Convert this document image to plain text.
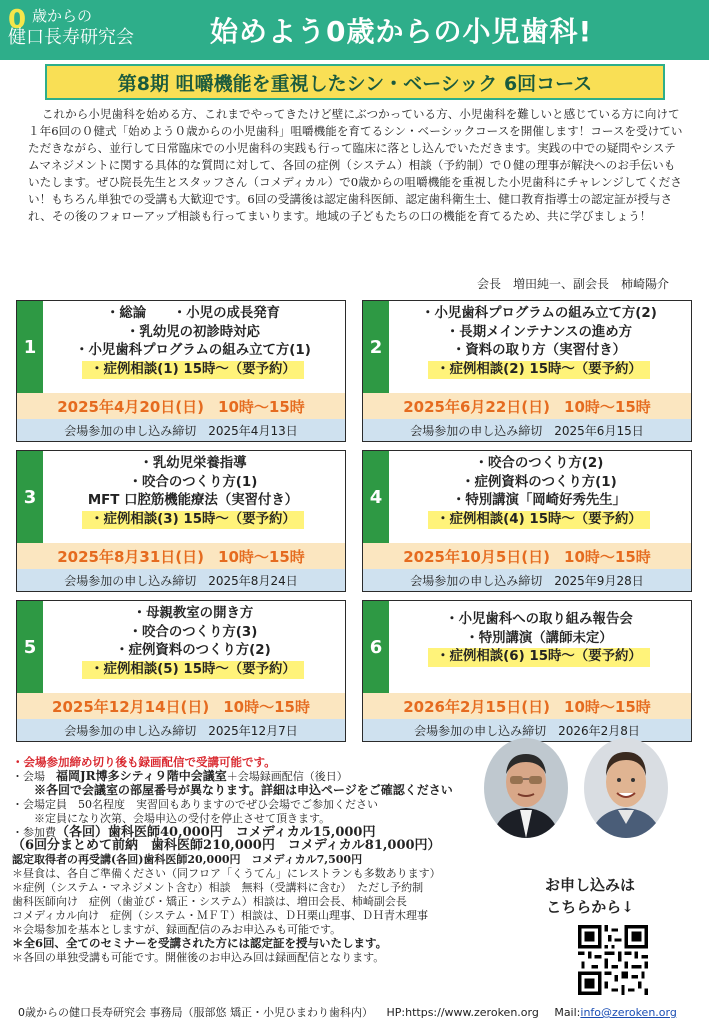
0 歳からの
健口長寿研究会	始めよう0歳からの小児歯科!
第8期 咀嚼機能を重視したシン・ベーシック 6回コース
これから小児歯科を始める方、これまでやってきたけど壁にぶつかっている方、小児歯科を難しいと感じている方に向けて１年6回の０健式「始めよう０歳からの小児歯科」咀嚼機能を育てるシン・ベーシックコースを開催します！コースを受けていただきながら、並行して日常臨床での小児歯科の実践も行って臨床に落とし込んでいただきます。実践の中での疑問やシステムマネジメントに関する具体的な質問に対して、各回の症例（システム）相談（予約制）で０健の理事が解決へのお手伝いもいたします。ぜひ院長先生とスタッフさん（コメディカル）で0歳からの咀嚼機能を重視した小児歯科にチャレンジしてください！もちろん単独での受講も大歓迎です。6回の受講後は認定歯科医師、認定歯科衛生士、健口教育指導士の認定証が授与され、その後のフォローアップ相談も行ってまいります。地域の子どもたちの口の機能を育てるため、共に学びましょう！
会長　増田純一、副会長　柿崎陽介
1
・総論　　・小児の成長発育
・乳幼児の初診時対応
・小児歯科プログラムの組み立て方(1)
・症例相談(1) 15時～（要予約）
2025年4月20日(日) 10時～15時
会場参加の申し込み締切　2025年4月13日
2
・小児歯科プログラムの組み立て方(2)
・長期メインテナンスの進め方
・資料の取り方（実習付き）
・症例相談(2) 15時～（要予約）
2025年6月22日(日) 10時～15時
会場参加の申し込み締切　2025年6月15日
3
・乳幼児栄養指導
・咬合のつくり方(1)
MFT 口腔筋機能療法（実習付き）
・症例相談(3) 15時～（要予約）
2025年8月31日(日) 10時～15時
会場参加の申し込み締切　2025年8月24日
4
・咬合のつくり方(2)
・症例資料のつくり方(1)
・特別講演「岡崎好秀先生」
・症例相談(4) 15時～（要予約）
2025年10月5日(日) 10時～15時
会場参加の申し込み締切　2025年9月28日
5
・母親教室の開き方
・咬合のつくり方(3)
・症例資料のつくり方(2)
・症例相談(5) 15時～（要予約）
2025年12月14日(日) 10時～15時
会場参加の申し込み締切　2025年12月7日
6
・小児歯科への取り組み報告会
・特別講演（講師未定）
・症例相談(6) 15時～（要予約）
2026年2月15日(日) 10時～15時
会場参加の申し込み締切　2026年2月8日
・会場参加締め切り後も録画配信で受講可能です。
・会場　福岡JR博多シティ９階中会議室＋会場録画配信（後日）
※各回で会議室の部屋番号が異なります。詳細は申込ページをご確認ください
・会場定員　50名程度　実習回もありますのでぜひ会場でご参加ください
※定員になり次第、会場申込の受付を停止させて頂きます。
・参加費（各回）歯科医師40,000円　コメディカル15,000円
（6回分まとめて前納　歯科医師210,000円　コメディカル81,000円）
認定取得者の再受講(各回)歯科医師20,000円　コメディカル7,500円
＊昼食は、各自ご準備ください（同フロア「くうてん」にレストランも多数あります）
＊症例（システム・マネジメント含む）相談　無料（受講料に含む）　ただし予約制
歯科医師向け　症例（歯並び・矯正・システム）相談は、増田会長、柿崎副会長
コメディカル向け　症例（システム・ＭＦＴ）相談は、ＤＨ栗山理事、ＤＨ青木理事
＊会場参加を基本としますが、録画配信のみお申込みも可能です。
＊全6回、全てのセミナーを受講された方には認定証を授与いたします。
＊各回の単独受講も可能です。開催後のお申込み回は録画配信となります。
お申し込みは
こちらから↓
0歳からの健口長寿研究会 事務局（服部悠 矯正・小児ひまわり歯科内） HP:https://www.zeroken.org Mail:info@zeroken.org
